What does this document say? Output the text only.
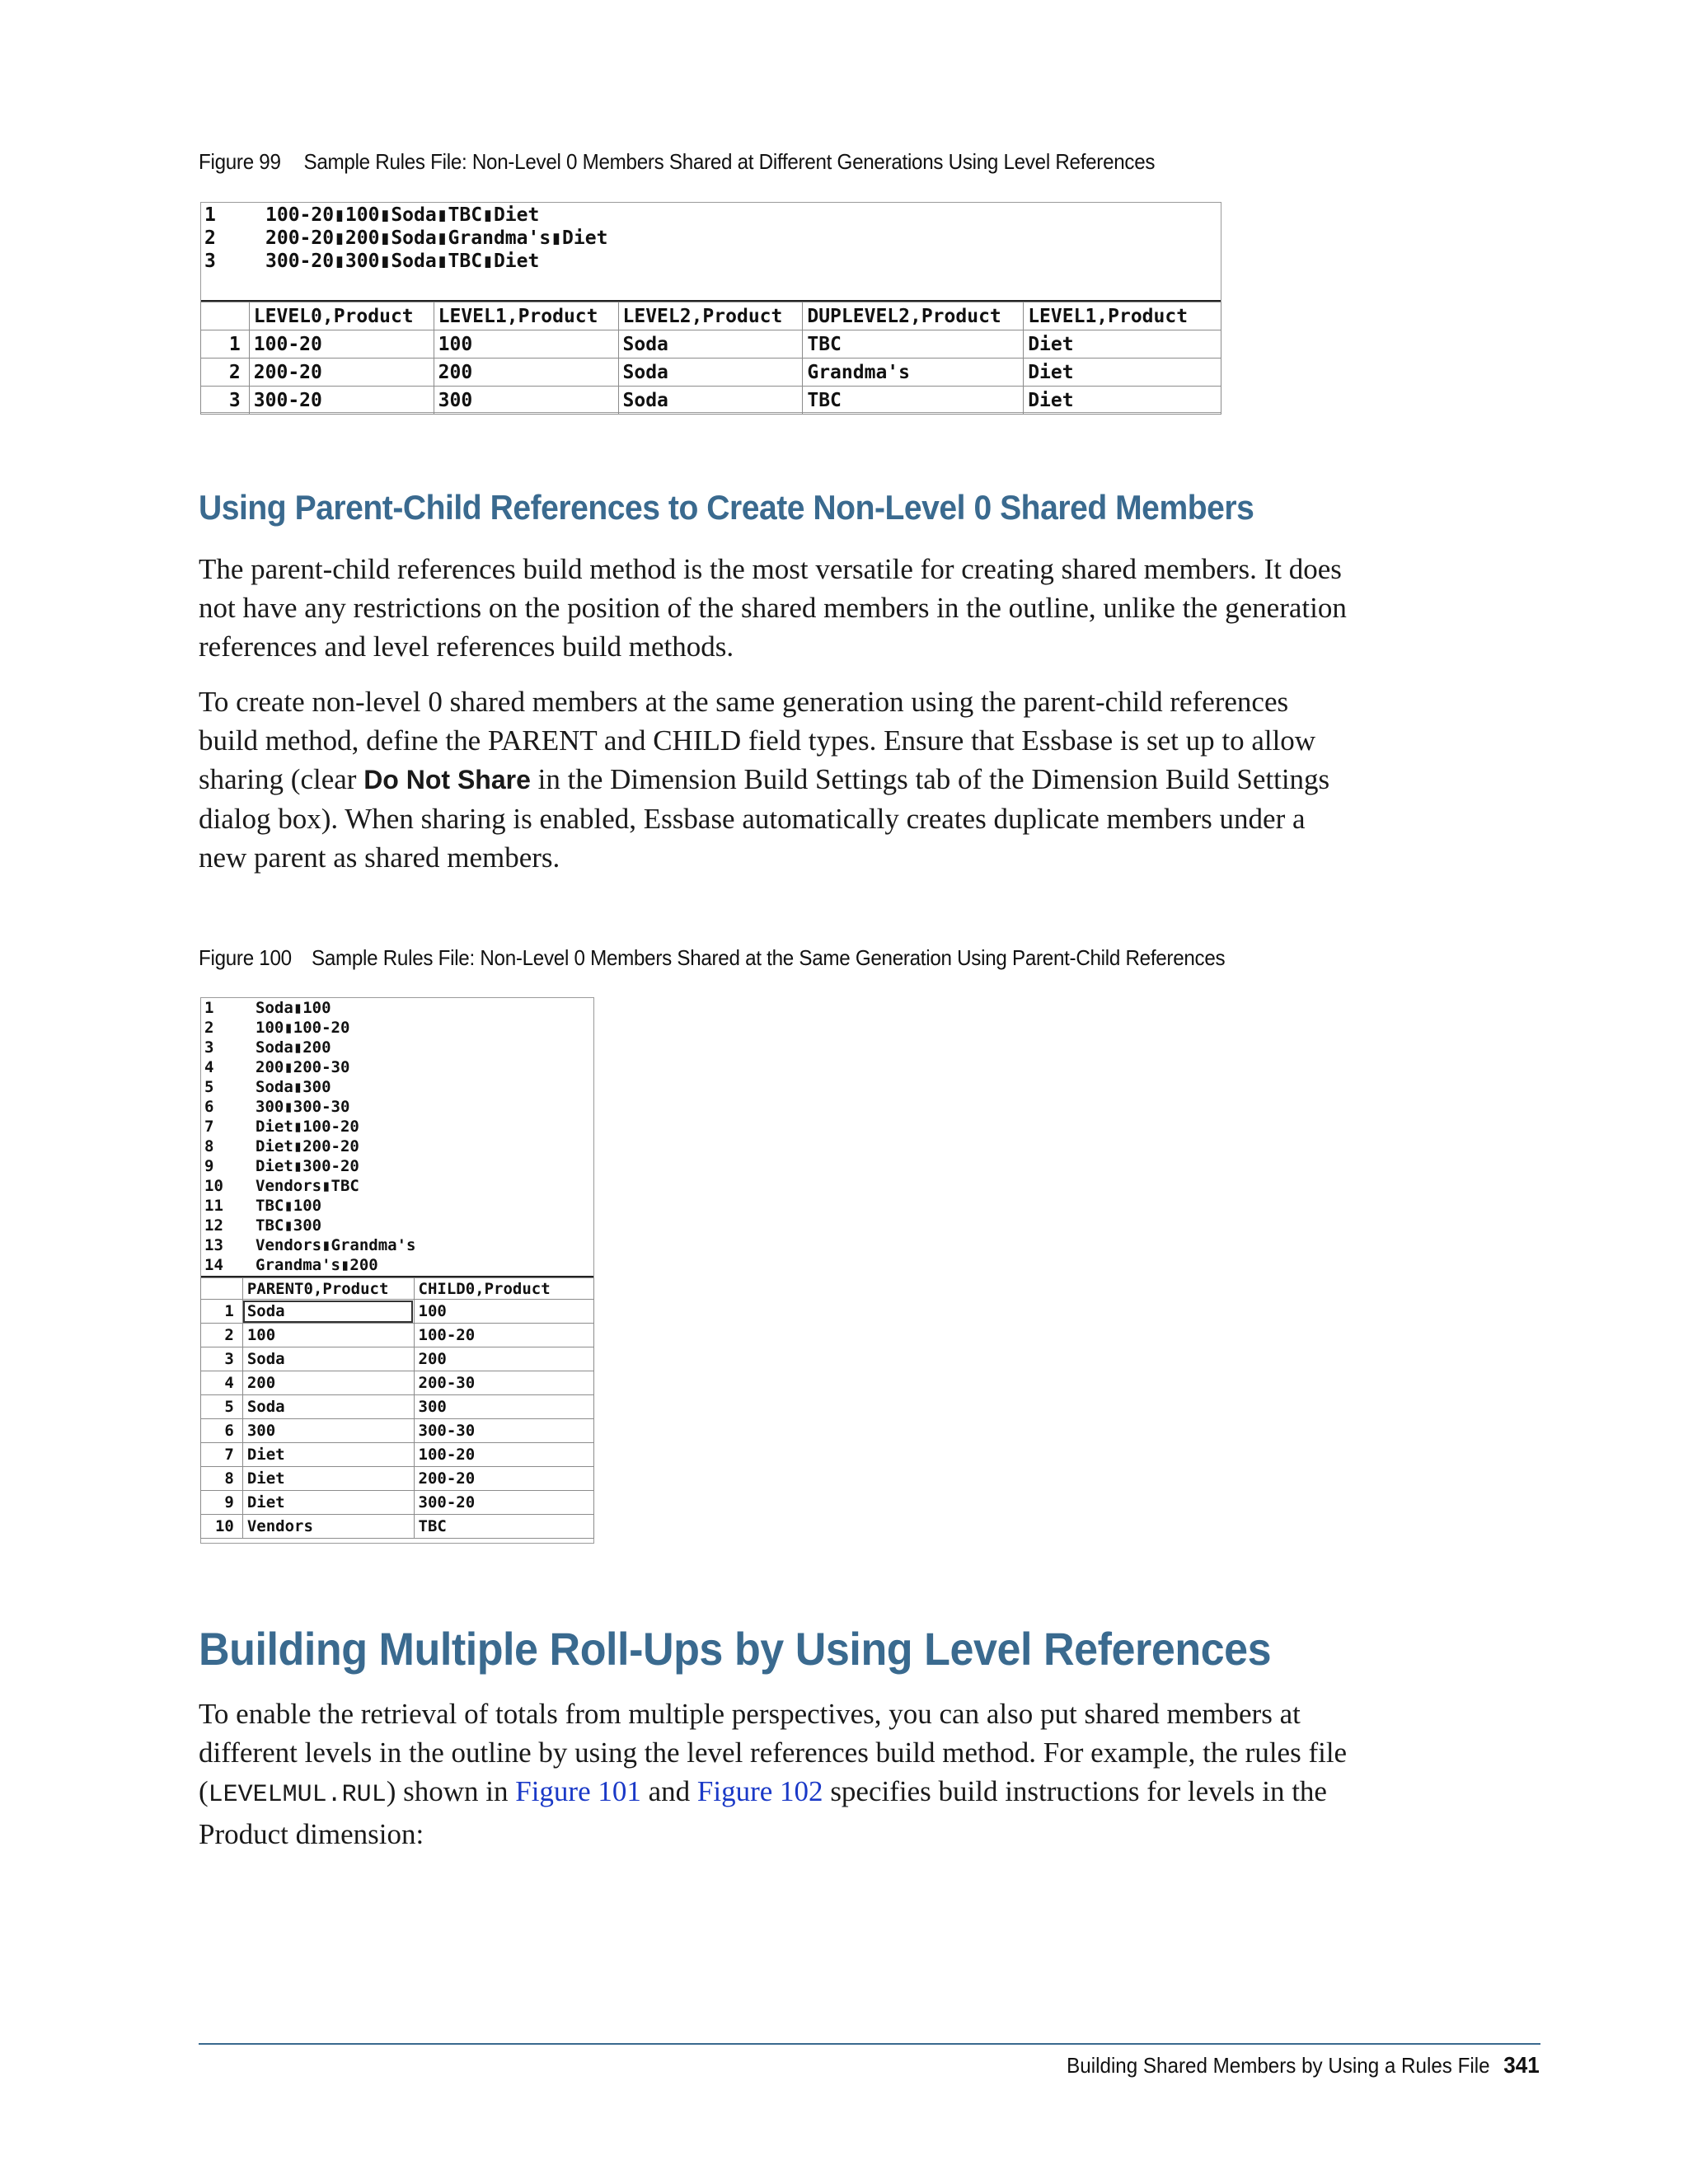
Figure 99 Sample Rules File: Non-Level 0 Members Shared at Different Generations Using Level References
1	100-20▮100▮Soda▮TBC▮Diet
2	200-20▮200▮Soda▮Grandma's▮Diet
3	300-20▮300▮Soda▮TBC▮Diet
	LEVEL0,Product	LEVEL1,Product	LEVEL2,Product	DUPLEVEL2,Product	LEVEL1,Product
1	100-20	100	Soda	TBC	Diet
2	200-20	200	Soda	Grandma's	Diet
3	300-20	300	Soda	TBC	Diet
Using Parent-Child References to Create Non-Level 0 Shared Members

The parent-child references build method is the most versatile for creating shared members. It does not have any restrictions on the position of the shared members in the outline, unlike the generation references and level references build methods.

To create non-level 0 shared members at the same generation using the parent-child references build method, define the PARENT and CHILD field types. Ensure that Essbase is set up to allow sharing (clear Do Not Share in the Dimension Build Settings tab of the Dimension Build Settings dialog box). When sharing is enabled, Essbase automatically creates duplicate members under a new parent as shared members.

Figure 100 Sample Rules File: Non-Level 0 Members Shared at the Same Generation Using Parent-Child References
1	Soda▮100
2	100▮100-20
3	Soda▮200
4	200▮200-30
5	Soda▮300
6	300▮300-30
7	Diet▮100-20
8	Diet▮200-20
9	Diet▮300-20
10 Vendors▮TBC
11 TBC▮100
12 TBC▮300
13 Vendors▮Grandma's
14 Grandma's▮200
	PARENT0,Product	CHILD0,Product
1	Soda	100
2	100	100-20
3	Soda	200
4	200	200-30
5	Soda	300
6	300	300-30
7	Diet	100-20
8	Diet	200-20
9	Diet	300-20
10	Vendors	TBC
Building Multiple Roll-Ups by Using Level References

To enable the retrieval of totals from multiple perspectives, you can also put shared members at different levels in the outline by using the level references build method. For example, the rules file (LEVELMUL.RUL) shown in Figure 101 and Figure 102 specifies build instructions for levels in the Product dimension:

Building Shared Members by Using a Rules File 341
